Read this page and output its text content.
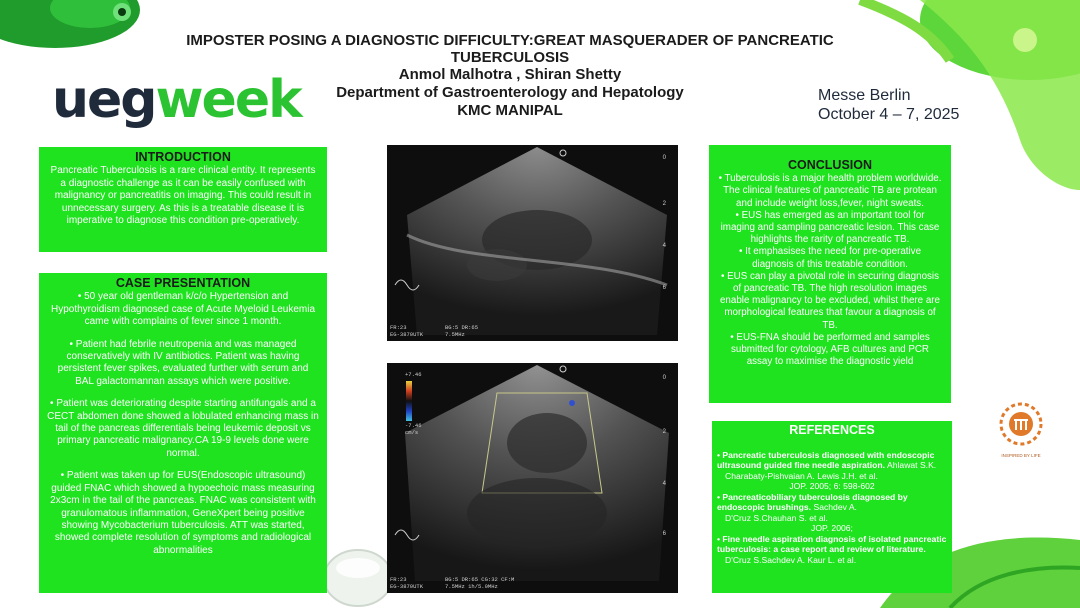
IMPOSTER POSING A DIAGNOSTIC DIFFICULTY:GREAT MASQUERADER OF PANCREATIC
TUBERCULOSIS
Anmol Malhotra , Shiran Shetty
Department of Gastroenterology and Hepatology
KMC MANIPAL
uegweek	Messe Berlin
October 4 – 7, 2025
INTRODUCTION

Pancreatic Tuberculosis is a rare clinical entity. It represents a diagnostic challenge as it can be easily confused with malignancy or pancreatitis on imaging. This could result in unnecessary surgery. As this is a treatable disease it is imperative to diagnose this condition pre-operatively.

CASE PRESENTATION

• 50 year old gentleman k/c/o Hypertension and Hypothyroidism diagnosed case of Acute Myeloid Leukemia came with complains of fever since 1 month.

• Patient had febrile neutropenia and was managed conservatively with IV antibiotics. Patient was having persistent fever spikes, evaluated further with serum and BAL galactomannan assays which were positive.

• Patient was deteriorating despite starting antifungals and a CECT abdomen done showed a lobulated enhancing mass in tail of the pancreas differentials being leukemic deposit vs primary pancreatic malignancy.CA 19-9 levels done were normal.

• Patient was taken up for EUS(Endoscopic ultrasound) guided FNAC which showed a hypoechoic mass measuring 2x3cm in the tail of the pancreas. FNAC was consistent with granulomatous inflammation, GeneXpert being positive showing Mycobacterium tuberculosis. ATT was started, showed complete resolution of symptoms and radiological abnormalities

0
2
4
6
FR:23
EG-3870UTK
BG:5 DR:65
7.5MHz
+7.46
-7.46
cm/s
0
2
4
6
FR:23
EG-3870UTK
BG:5 DR:65 CG:32 CF:M
7.5MHz 1h/5.0MHz
CONCLUSION

• Tuberculosis is a major health problem worldwide. The clinical features of pancreatic TB are protean and include weight loss,fever, night sweats.

• EUS has emerged as an important tool for imaging and sampling pancreatic lesion. This case highlights the rarity of pancreatic TB.

• It emphasises the need for pre-operative diagnosis of this treatable condition.

• EUS can play a pivotal role in securing diagnosis of pancreatic TB. The high resolution images enable malignancy to be excluded, whilst there are morphological features that favour a diagnosis of TB.

• EUS-FNA should be performed and samples submitted for cytology, AFB cultures and PCR assay to maximise the diagnostic yield

REFERENCES

• Pancreatic tuberculosis diagnosed with endoscopic ultrasound guided fine needle aspiration. Ahlawat S.K.

Charabaty-Pishvaian A. Lewis J.H. et al.

JOP. 2005; 6: 598-602

• Pancreaticobiliary tuberculosis diagnosed by endoscopic brushings. Sachdev A.

D'Cruz S.Chauhan S. et al.

JOP. 2006;

• Fine needle aspiration diagnosis of isolated pancreatic tuberculosis: a case report and review of literature.

D'Cruz S.Sachdev A. Kaur L. et al.

INSPIRED BY LIFE
